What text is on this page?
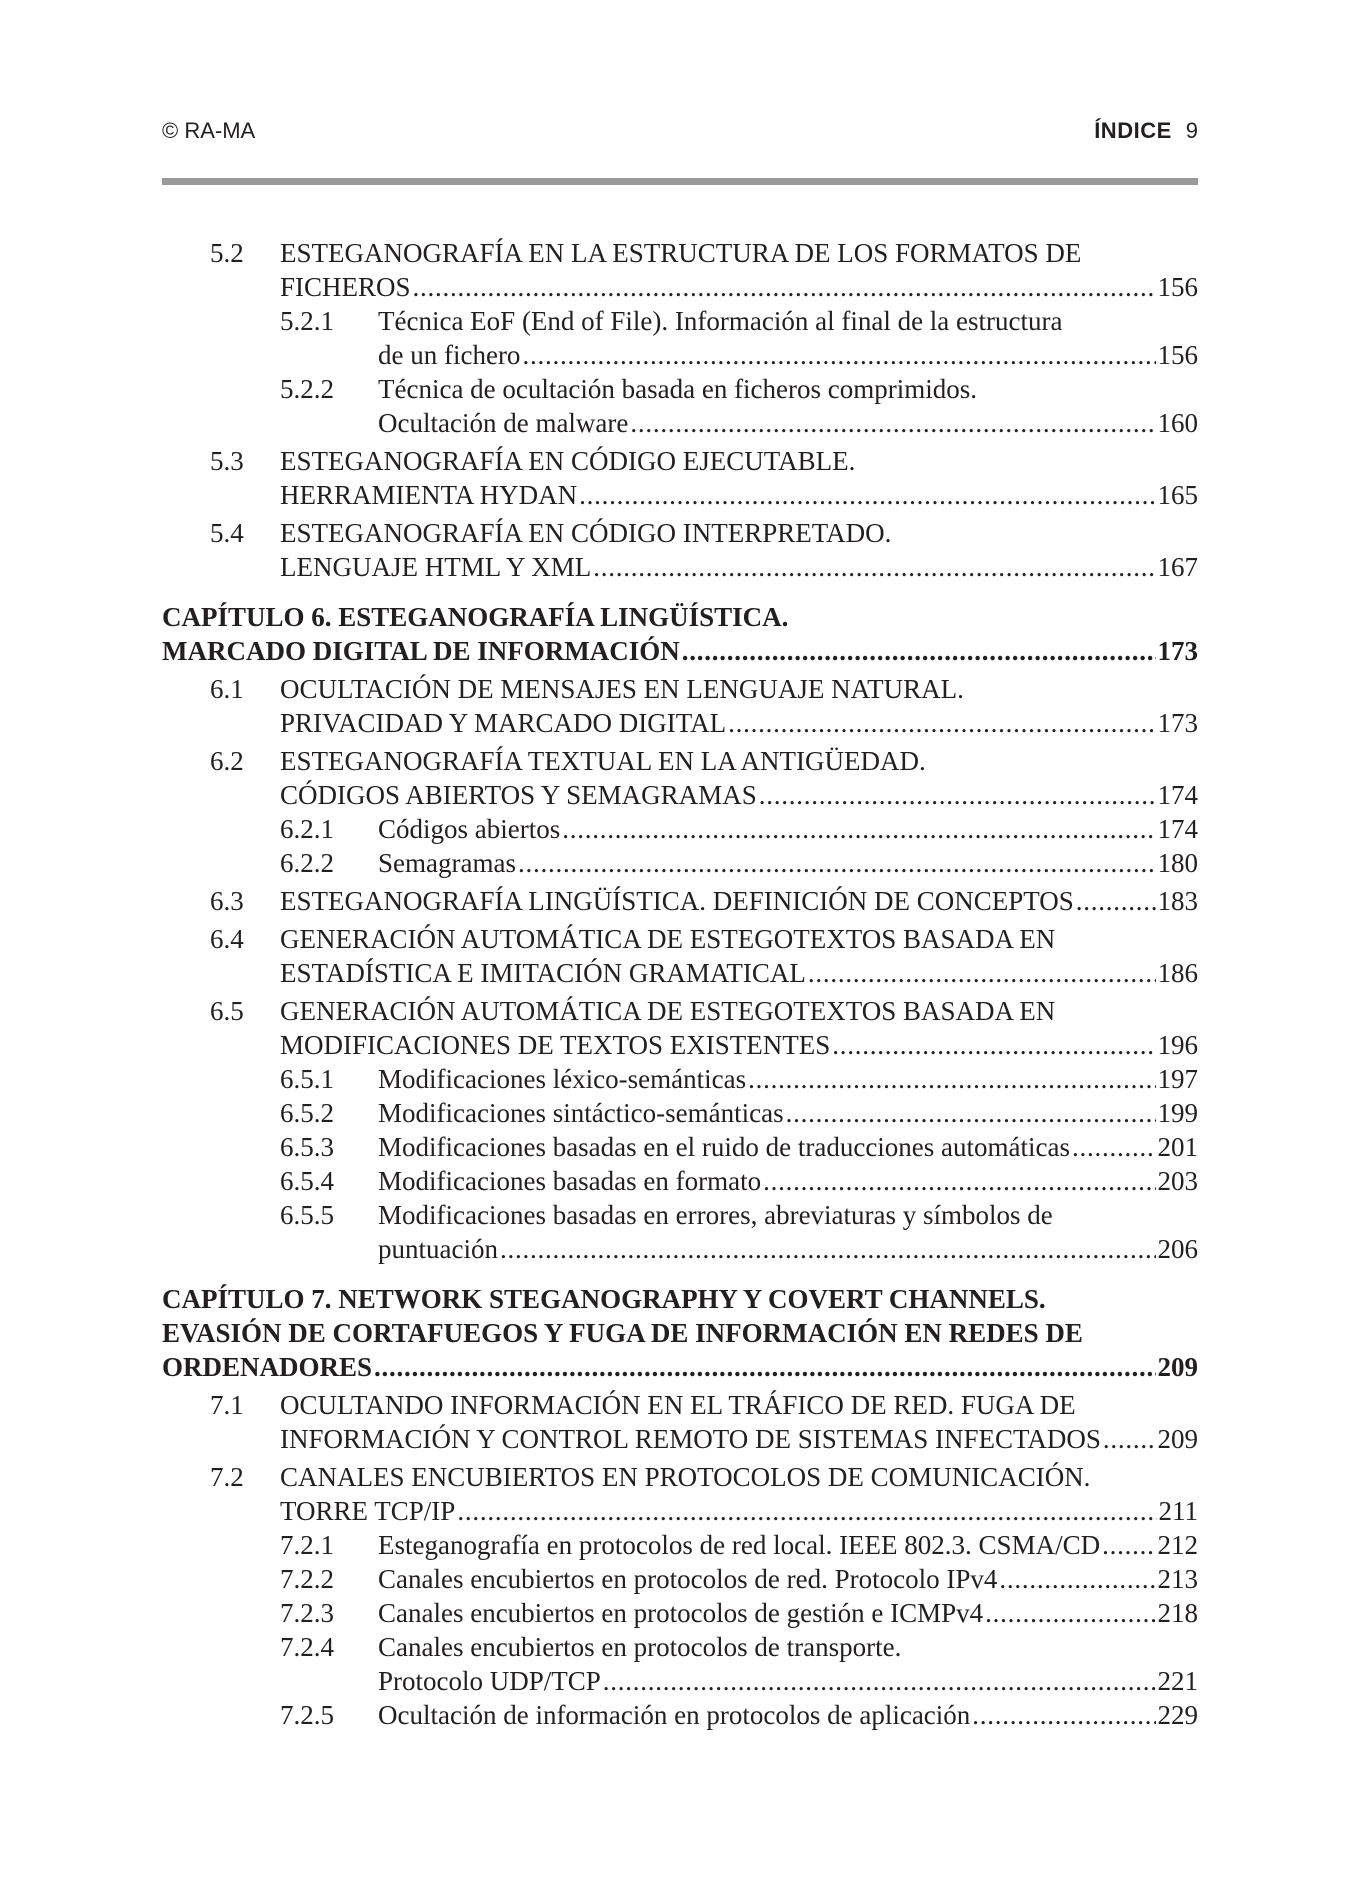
© RA-MA	ÍNDICE 9
5.2 ESTEGANOGRAFÍA EN LA ESTRUCTURA DE LOS FORMATOS DE
FICHEROS . . .	156
5.2.1 Técnica EoF (End of File). Información al final de la estructura
de un fichero . . .	156
5.2.2 Técnica de ocultación basada en ficheros comprimidos.
Ocultación de malware . . .	160
5.3 ESTEGANOGRAFÍA EN CÓDIGO EJECUTABLE.
HERRAMIENTA HYDAN . . .	165
5.4 ESTEGANOGRAFÍA EN CÓDIGO INTERPRETADO.
LENGUAJE HTML Y XML . . .	167
CAPÍTULO 6. ESTEGANOGRAFÍA LINGÜÍSTICA.
MARCADO DIGITAL DE INFORMACIÓN . . .	173
6.1 OCULTACIÓN DE MENSAJES EN LENGUAJE NATURAL.
PRIVACIDAD Y MARCADO DIGITAL . . .	173
6.2 ESTEGANOGRAFÍA TEXTUAL EN LA ANTIGÜEDAD.
CÓDIGOS ABIERTOS Y SEMAGRAMAS . . .	174
6.2.1 Códigos abiertos . . .	174
6.2.2 Semagramas . . .	180
6.3 ESTEGANOGRAFÍA LINGÜÍSTICA. DEFINICIÓN DE CONCEPTOS . . .	183
6.4 GENERACIÓN AUTOMÁTICA DE ESTEGOTEXTOS BASADA EN
ESTADÍSTICA E IMITACIÓN GRAMATICAL . . .	186
6.5 GENERACIÓN AUTOMÁTICA DE ESTEGOTEXTOS BASADA EN
MODIFICACIONES DE TEXTOS EXISTENTES . . .	196
6.5.1 Modificaciones léxico-semánticas . . .	197
6.5.2 Modificaciones sintáctico-semánticas . . .	199
6.5.3 Modificaciones basadas en el ruido de traducciones automáticas . . .	201
6.5.4 Modificaciones basadas en formato . . .	203
6.5.5 Modificaciones basadas en errores, abreviaturas y símbolos de
puntuación . . .	206
CAPÍTULO 7. NETWORK STEGANOGRAPHY Y COVERT CHANNELS.
EVASIÓN DE CORTAFUEGOS Y FUGA DE INFORMACIÓN EN REDES DE
ORDENADORES . . .	209
7.1 OCULTANDO INFORMACIÓN EN EL TRÁFICO DE RED. FUGA DE
INFORMACIÓN Y CONTROL REMOTO DE SISTEMAS INFECTADOS . . . 209
7.2 CANALES ENCUBIERTOS EN PROTOCOLOS DE COMUNICACIÓN.
TORRE TCP/IP . . .	211
7.2.1 Esteganografía en protocolos de red local. IEEE 802.3. CSMA/CD . . . 212
7.2.2 Canales encubiertos en protocolos de red. Protocolo IPv4 . . .	213
7.2.3 Canales encubiertos en protocolos de gestión e ICMPv4 . . .	218
7.2.4 Canales encubiertos en protocolos de transporte.
Protocolo UDP/TCP . . .	221
7.2.5 Ocultación de información en protocolos de aplicación . . .	229
